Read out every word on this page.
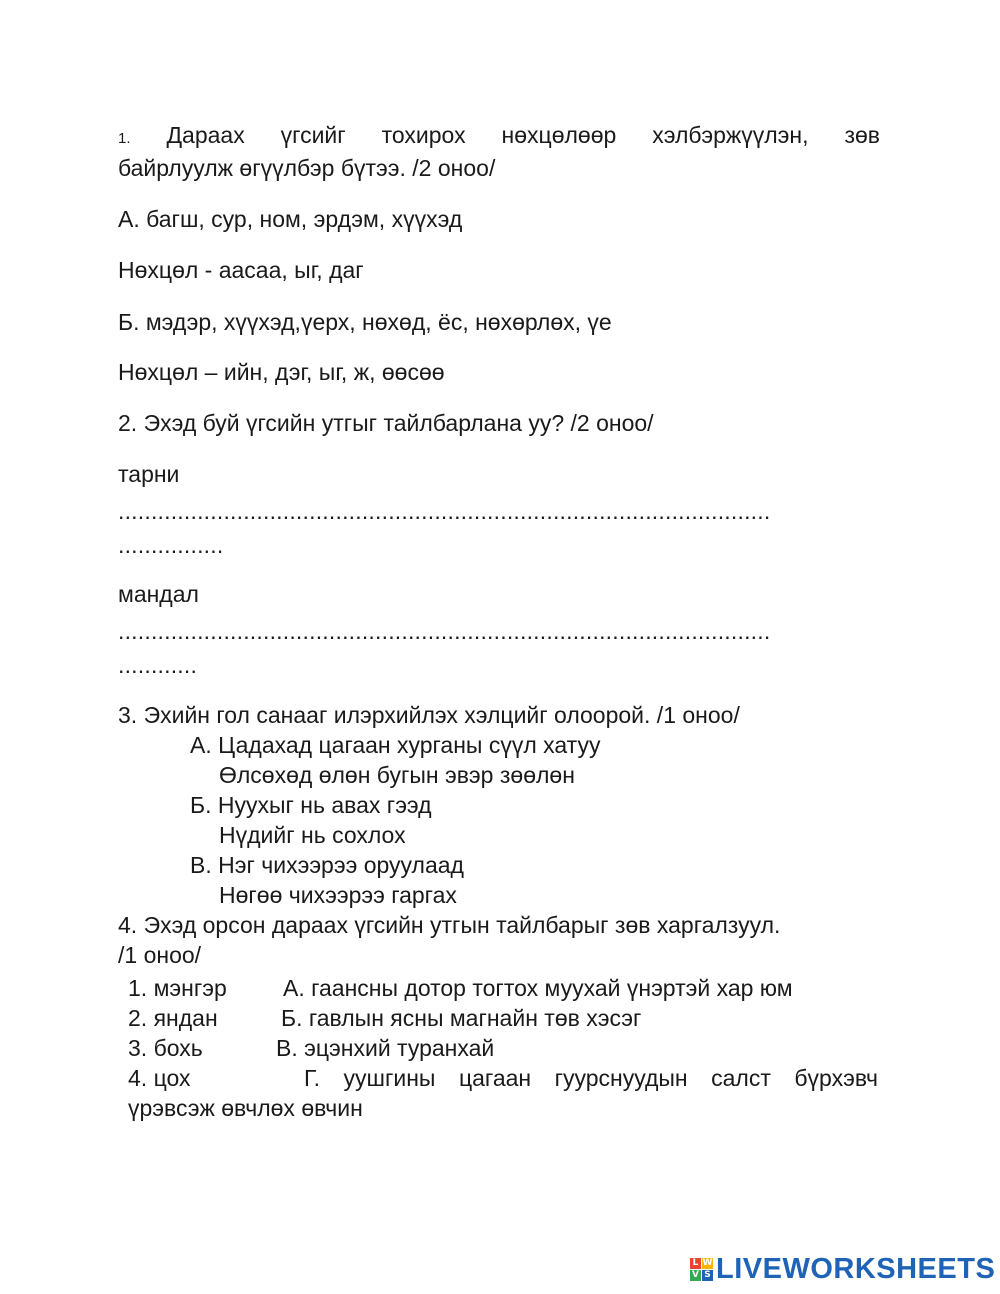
1. Дараах үгсийг тохирох нөхцөлөөр хэлбэржүүлэн, зөв
байрлуулж өгүүлбэр бүтээ. /2 оноо/
А. багш, сур, ном, эрдэм, хүүхэд
Нөхцөл - аасаа, ыг, даг
Б. мэдэр, хүүхэд,үерх, нөхөд, ёс, нөхөрлөх, үе
Нөхцөл – ийн, дэг, ыг, ж, өөсөө
2. Эхэд буй үгсийн утгыг тайлбарлана уу? /2 оноо/
тарни
...................................................................................................
................
мандал
...................................................................................................
............
3. Эхийн гол санааг илэрхийлэх хэлцийг олоорой. /1 оноо/
А. Цадахад цагаан хурганы сүүл хатуу
Өлсөхөд өлөн бугын эвэр зөөлөн
Б. Нуухыг нь авах гээд
Нүдийг нь сохлох
В. Нэг чихээрээ оруулаад
Нөгөө чихээрээ гаргах
4. Эхэд орсон дараах үгсийн утгын тайлбарыг зөв харгалзуул.
/1 оноо/
1. мэнгэр А. гаансны дотор тогтох муухай үнэртэй хар юм
2. яндан	Б. гавлын ясны магнайн төв хэсэг
3. бохь	В. эцэнхий туранхай
4. цох	Г. уушгины цагаан гуурснуудын салст бүрхэвч
үрэвсэж өвчлөх өвчин
L W
V S LIVEWORKSHEETS
